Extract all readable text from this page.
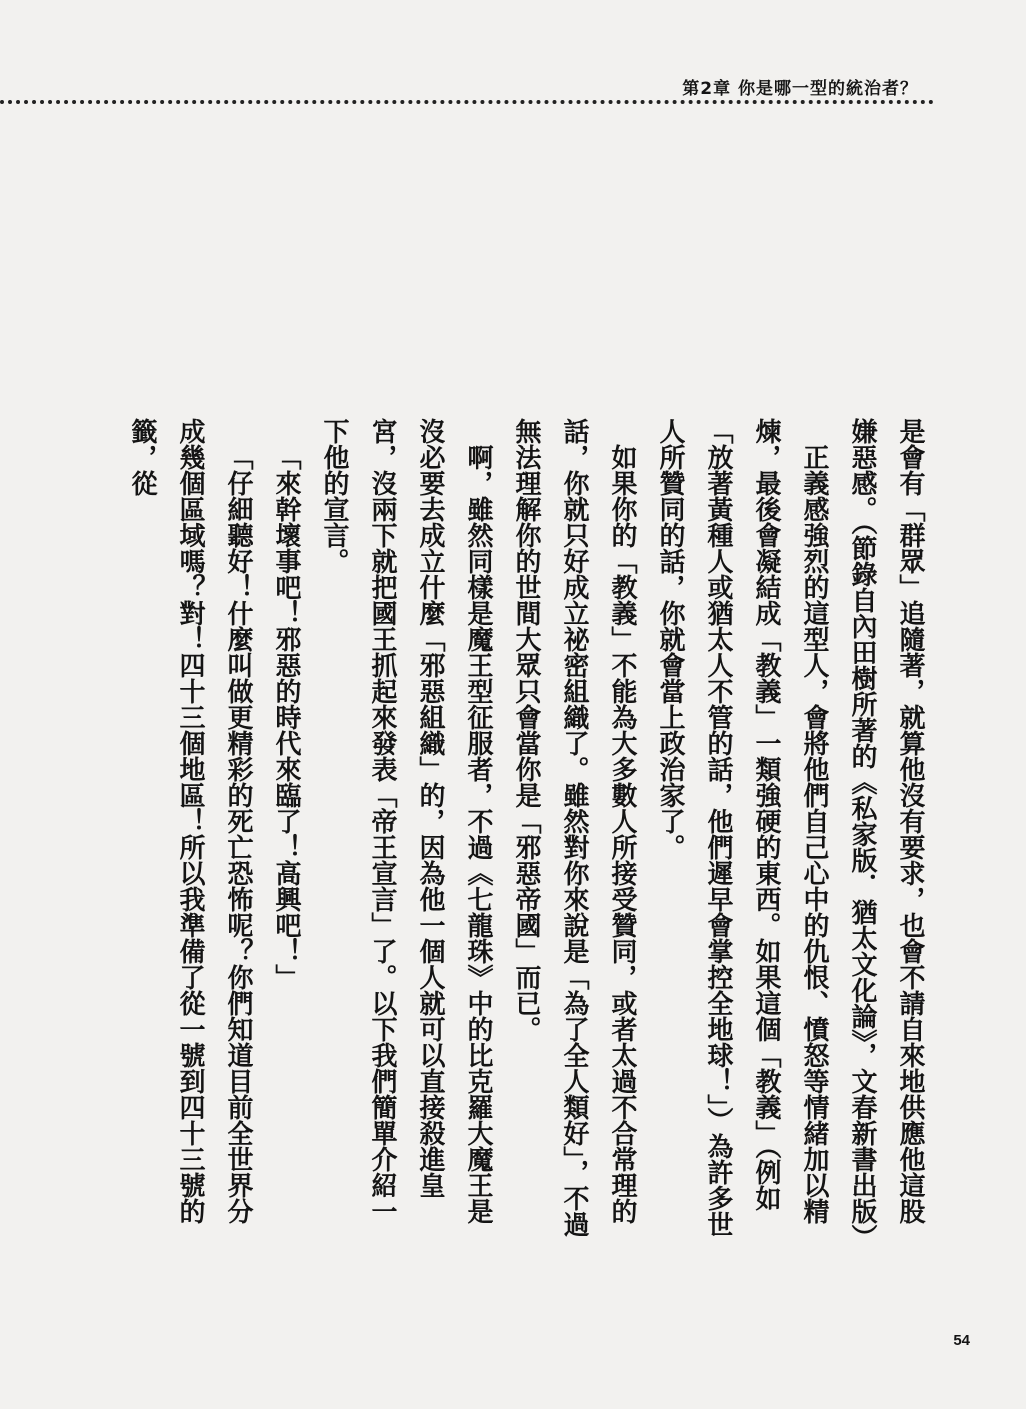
第2章 你是哪一型的統治者？

是會有「群眾」追隨著，就算他沒有要求，也會不請自來地供應他這股嫌惡感。（節錄自內田樹所著的《私家版．猶太文化論》，文春新書出版）

正義感強烈的這型人，會將他們自己心中的仇恨、憤怒等情緒加以精煉，最後會凝結成「教義」一類強硬的東西。如果這個「教義」（例如「放著黃種人或猶太人不管的話，他們遲早會掌控全地球！」）為許多世人所贊同的話，你就會當上政治家了。

如果你的「教義」不能為大多數人所接受贊同，或者太過不合常理的話，你就只好成立祕密組織了。雖然對你來說是「為了全人類好」，不過無法理解你的世間大眾只會當你是「邪惡帝國」而已。

啊，雖然同樣是魔王型征服者，不過《七龍珠》中的比克羅大魔王是沒必要去成立什麼「邪惡組織」的，因為他一個人就可以直接殺進皇宮，沒兩下就把國王抓起來發表「帝王宣言」了。以下我們簡單介紹一下他的宣言。

「來幹壞事吧！邪惡的時代來臨了！高興吧！」

「仔細聽好！什麼叫做更精彩的死亡恐怖呢？你們知道目前全世界分成幾個區域嗎？對！四十三個地區！所以我準備了從一號到四十三號的籤，從

54
